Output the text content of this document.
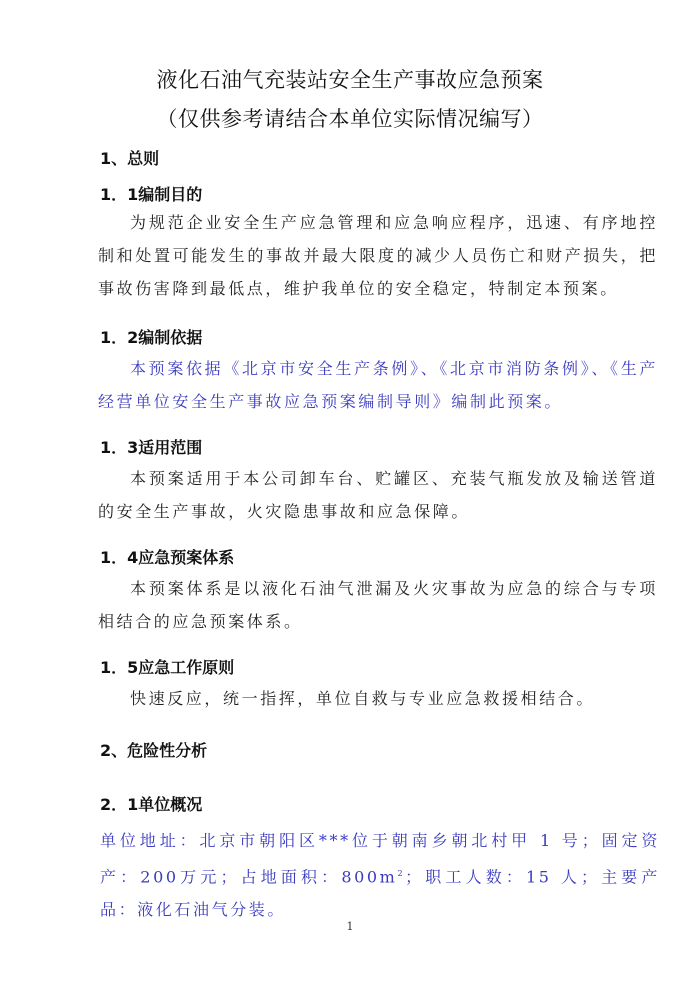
液化石油气充装站安全生产事故应急预案
（仅供参考请结合本单位实际情况编写）
1、总则
1．1编制目的
为规范企业安全生产应急管理和应急响应程序，迅速、有序地控制和处置可能发生的事故并最大限度的减少人员伤亡和财产损失，把事故伤害降到最低点，维护我单位的安全稳定，特制定本预案。
1．2编制依据
本预案依据《北京市安全生产条例》、《北京市消防条例》、《生产经营单位安全生产事故应急预案编制导则》编制此预案。
1．3适用范围
本预案适用于本公司卸车台、贮罐区、充装气瓶发放及输送管道的安全生产事故，火灾隐患事故和应急保障。
1．4应急预案体系
本预案体系是以液化石油气泄漏及火灾事故为应急的综合与专项相结合的应急预案体系。
1．5应急工作原则
快速反应，统一指挥，单位自救与专业应急救援相结合。
2、危险性分析
2．1单位概况
单位地址：北京市朝阳区***位于朝南乡朝北村甲 1 号；固定资产：200万元；占地面积：$800m^2$；职工人数：15 人；主要产品：液化石油气分装。
1
